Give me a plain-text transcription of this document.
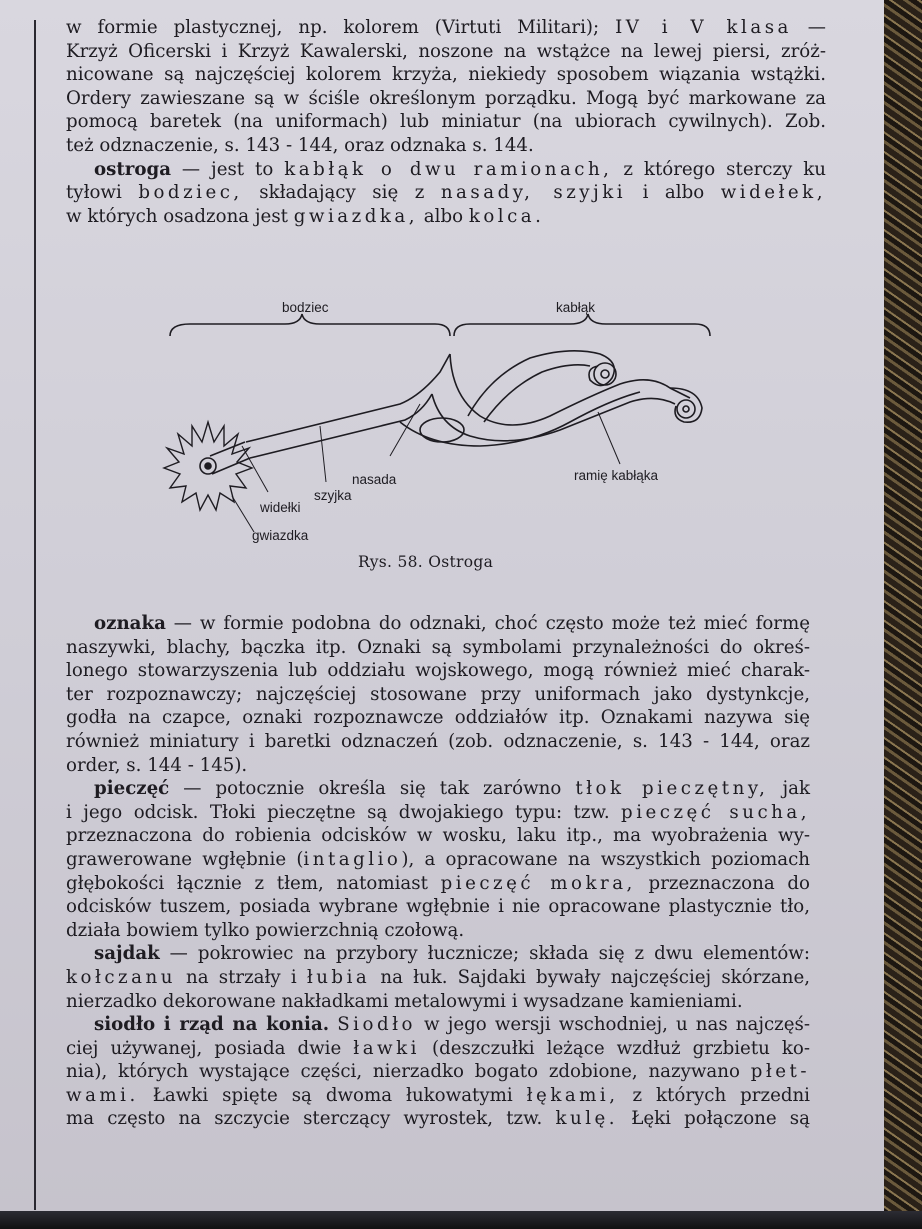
w formie plastycznej, np. kolorem (Virtuti Militari); IV i V klasa —
Krzyż Oficerski i Krzyż Kawalerski, noszone na wstążce na lewej piersi, zróż-
nicowane są najczęściej kolorem krzyża, niekiedy sposobem wiązania wstążki.
Ordery zawieszane są w ściśle określonym porządku. Mogą być markowane za
pomocą baretek (na uniformach) lub miniatur (na ubiorach cywilnych). Zob.
też odznaczenie, s. 143 - 144, oraz odznaka s. 144.
ostroga — jest to kabłąk o dwu ramionach, z którego sterczy ku
tyłowi bodziec, składający się z nasady, szyjki i albo widełek,
w których osadzona jest gwiazdka, albo kolca.
bodziec	kabłąk
nasada
szyjka
widełki
gwiazdka
ramię kabłąka
Rys. 58. Ostroga
oznaka — w formie podobna do odznaki, choć często może też mieć formę
naszywki, blachy, bączka itp. Oznaki są symbolami przynależności do okreś-
lonego stowarzyszenia lub oddziału wojskowego, mogą również mieć charak-
ter rozpoznawczy; najczęściej stosowane przy uniformach jako dystynkcje,
godła na czapce, oznaki rozpoznawcze oddziałów itp. Oznakami nazywa się
również miniatury i baretki odznaczeń (zob. odznaczenie, s. 143 - 144, oraz
order, s. 144 - 145).
pieczęć — potocznie określa się tak zarówno tłok pieczętny, jak
i jego odcisk. Tłoki pieczętne są dwojakiego typu: tzw. pieczęć sucha,
przeznaczona do robienia odcisków w wosku, laku itp., ma wyobrażenia wy-
grawerowane wgłębnie (intaglio), a opracowane na wszystkich poziomach
głębokości łącznie z tłem, natomiast pieczęć mokra, przeznaczona do
odcisków tuszem, posiada wybrane wgłębnie i nie opracowane plastycznie tło,
działa bowiem tylko powierzchnią czołową.
sajdak — pokrowiec na przybory łucznicze; składa się z dwu elementów:
kołczanu na strzały i łubia na łuk. Sajdaki bywały najczęściej skórzane,
nierzadko dekorowane nakładkami metalowymi i wysadzane kamieniami.
siodło i rząd na konia. Siodło w jego wersji wschodniej, u nas najczęś-
ciej używanej, posiada dwie ławki (deszczułki leżące wzdłuż grzbietu ko-
nia), których wystające części, nierzadko bogato zdobione, nazywano płet-
wami. Ławki spięte są dwoma łukowatymi łękami, z których przedni
ma często na szczycie sterczący wyrostek, tzw. kulę. Łęki połączone są
